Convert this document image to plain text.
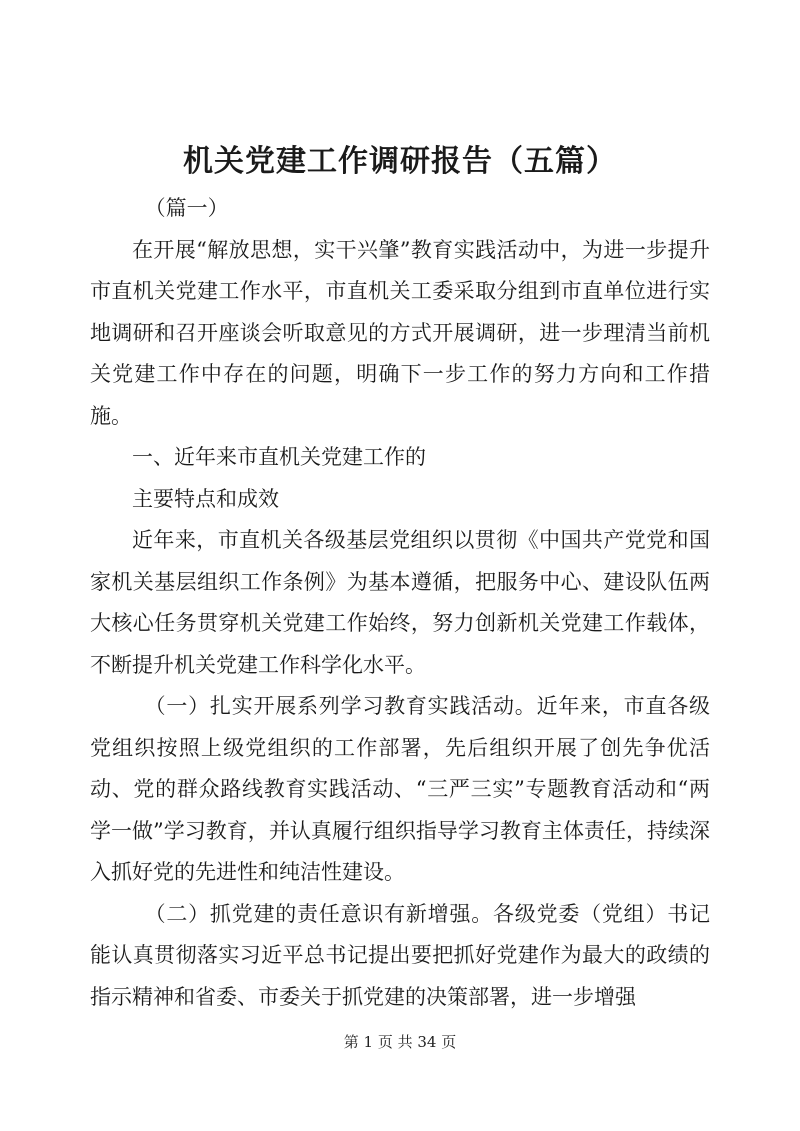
机关党建工作调研报告（五篇）

（篇一）

在开展“解放思想，实干兴肇”教育实践活动中，为进一步提升市直机关党建工作水平，市直机关工委采取分组到市直单位进行实地调研和召开座谈会听取意见的方式开展调研，进一步理清当前机关党建工作中存在的问题，明确下一步工作的努力方向和工作措施。

一、近年来市直机关党建工作的

主要特点和成效

近年来，市直机关各级基层党组织以贯彻《中国共产党党和国家机关基层组织工作条例》为基本遵循，把服务中心、建设队伍两大核心任务贯穿机关党建工作始终，努力创新机关党建工作载体，不断提升机关党建工作科学化水平。

（一）扎实开展系列学习教育实践活动。近年来，市直各级党组织按照上级党组织的工作部署，先后组织开展了创先争优活动、党的群众路线教育实践活动、“三严三实”专题教育活动和“两学一做”学习教育，并认真履行组织指导学习教育主体责任，持续深入抓好党的先进性和纯洁性建设。

（二）抓党建的责任意识有新增强。各级党委（党组）书记能认真贯彻落实习近平总书记提出要把抓好党建作为最大的政绩的指示精神和省委、市委关于抓党建的决策部署，进一步增强

第 1 页 共 34 页
